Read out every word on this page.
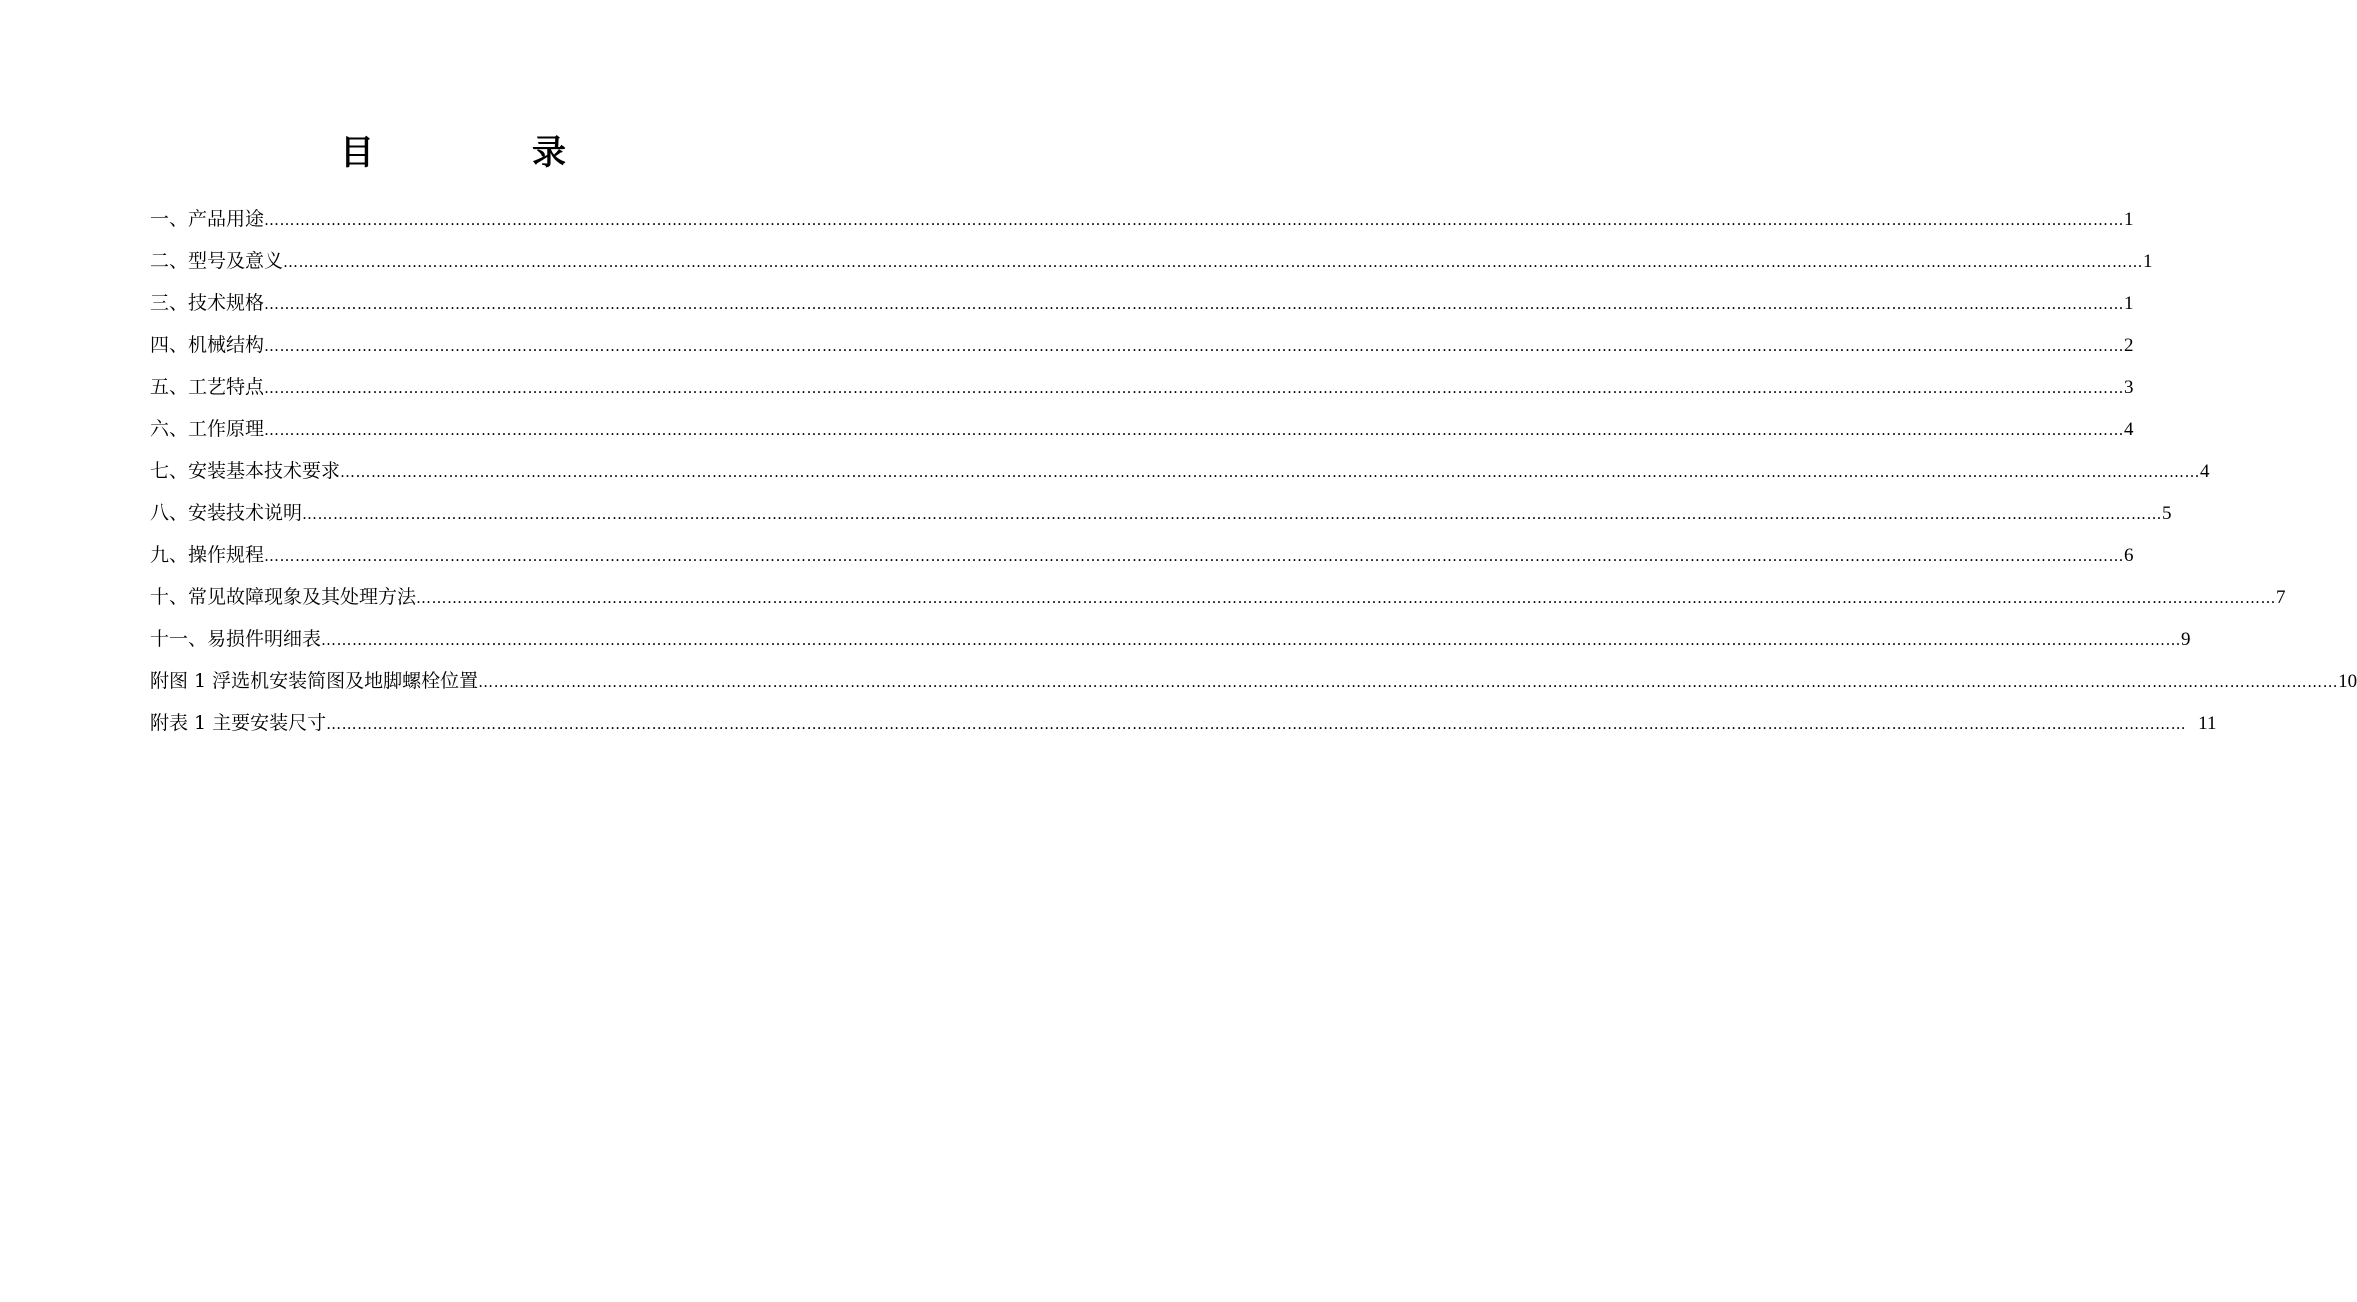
目　录
一、产品用途 ……………………………………………………………………………………………………………………………………………………………………………………………………………………………………………………………………………………………………………………………… 1
二、型号及意义 ……………………………………………………………………………………………………………………………………………………………………………………………………………………………………………………………………………………………………………………………… 1
三、技术规格 ……………………………………………………………………………………………………………………………………………………………………………………………………………………………………………………………………………………………………………………………… 1
四、机械结构 ……………………………………………………………………………………………………………………………………………………………………………………………………………………………………………………………………………………………………………………………… 2
五、工艺特点 ……………………………………………………………………………………………………………………………………………………………………………………………………………………………………………………………………………………………………………………………… 3
六、工作原理 ……………………………………………………………………………………………………………………………………………………………………………………………………………………………………………………………………………………………………………………………… 4
七、安装基本技术要求 ……………………………………………………………………………………………………………………………………………………………………………………………………………………………………………………………………………………………………………………………… 4
八、安装技术说明 ……………………………………………………………………………………………………………………………………………………………………………………………………………………………………………………………………………………………………………………………… 5
九、操作规程 ……………………………………………………………………………………………………………………………………………………………………………………………………………………………………………………………………………………………………………………………… 6
十、常见故障现象及其处理方法 ……………………………………………………………………………………………………………………………………………………………………………………………………………………………………………………………………………………………………………………………… 7
十一、易损件明细表 ……………………………………………………………………………………………………………………………………………………………………………………………………………………………………………………………………………………………………………………………… 9
附图 1 浮选机安装简图及地脚螺栓位置 ……………………………………………………………………………………………………………………………………………………………………………………………………………………………………………………………………………………………………………………………… 10
附表 1 主要安装尺寸 ……………………………………………………………………………………………………………………………………………………………………………………………………………………………………………………………………………………………………………………………… 11
